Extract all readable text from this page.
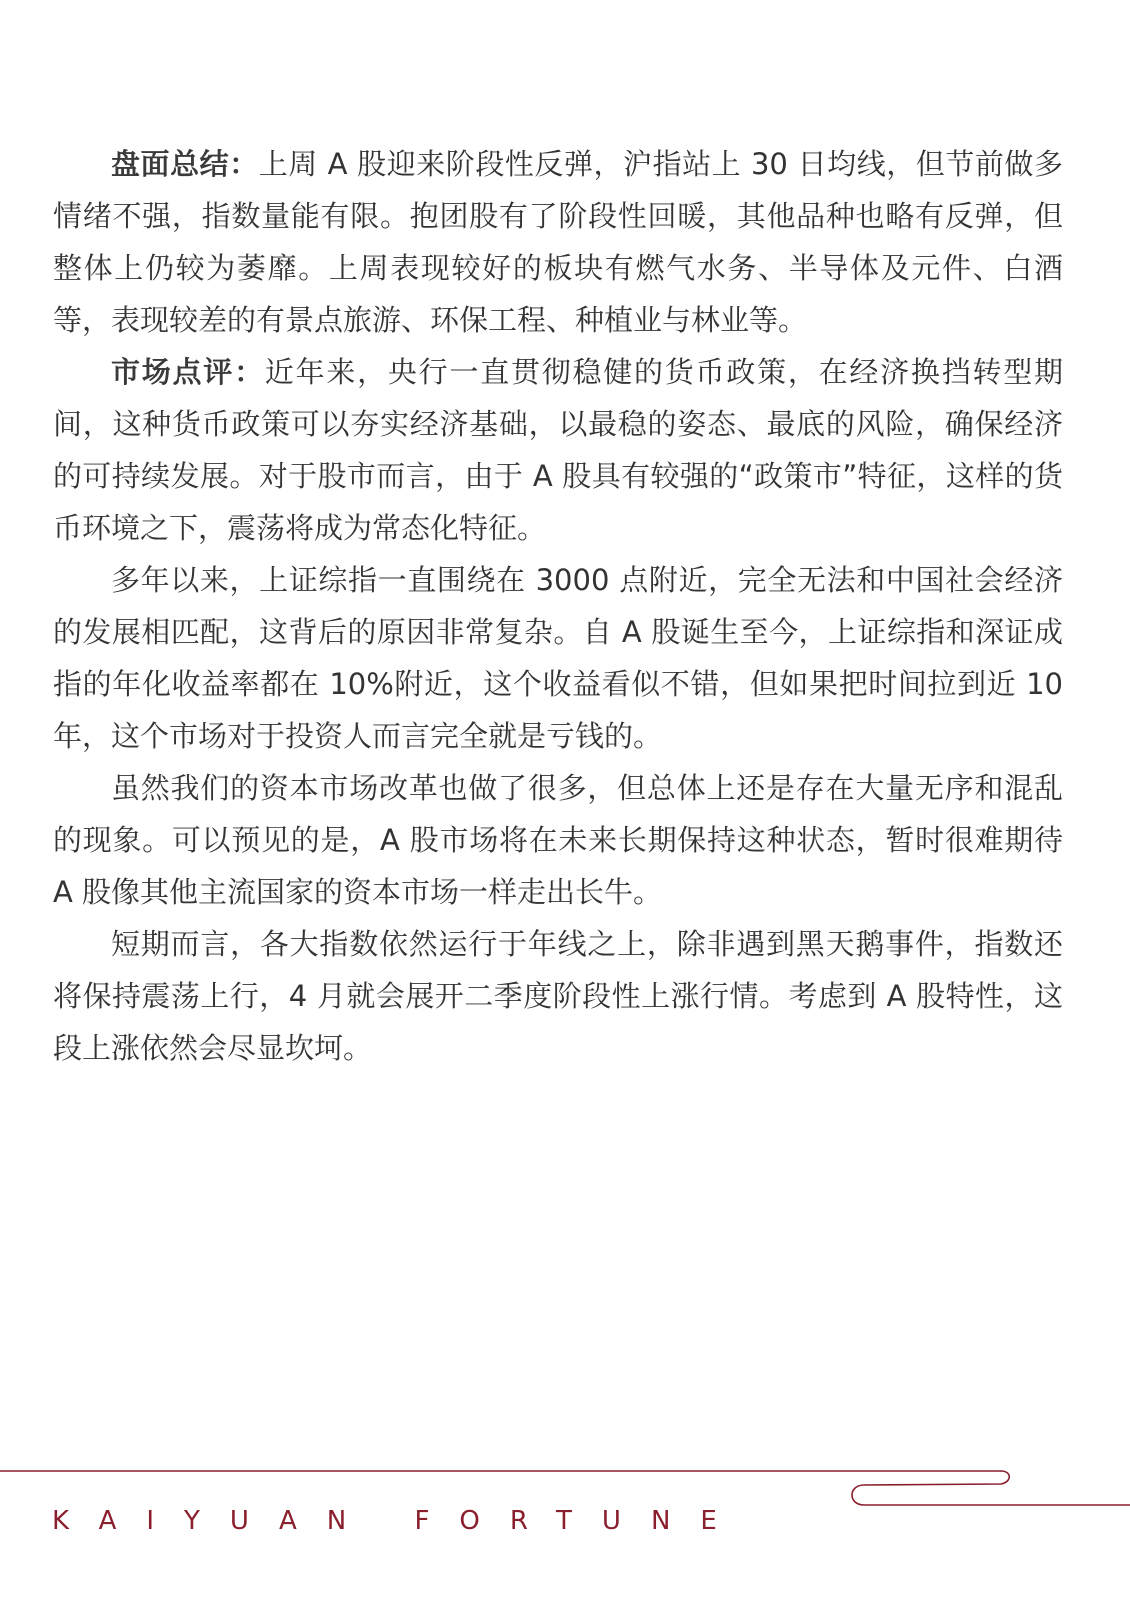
盘面总结：上周 A 股迎来阶段性反弹，沪指站上 30 日均线，但节前做多情绪不强，指数量能有限。抱团股有了阶段性回暖，其他品种也略有反弹，但整体上仍较为萎靡。上周表现较好的板块有燃气水务、半导体及元件、白酒等，表现较差的有景点旅游、环保工程、种植业与林业等。

市场点评：近年来，央行一直贯彻稳健的货币政策，在经济换挡转型期间，这种货币政策可以夯实经济基础，以最稳的姿态、最底的风险，确保经济的可持续发展。对于股市而言，由于 A 股具有较强的“政策市”特征，这样的货币环境之下，震荡将成为常态化特征。

多年以来，上证综指一直围绕在 3000 点附近，完全无法和中国社会经济的发展相匹配，这背后的原因非常复杂。自 A 股诞生至今，上证综指和深证成指的年化收益率都在 10%附近，这个收益看似不错，但如果把时间拉到近 10 年，这个市场对于投资人而言完全就是亏钱的。

虽然我们的资本市场改革也做了很多，但总体上还是存在大量无序和混乱的现象。可以预见的是，A 股市场将在未来长期保持这种状态，暂时很难期待 A 股像其他主流国家的资本市场一样走出长牛。

短期而言，各大指数依然运行于年线之上，除非遇到黑天鹅事件，指数还将保持震荡上行，4 月就会展开二季度阶段性上涨行情。考虑到 A 股特性，这段上涨依然会尽显坎坷。

KAIYUAN FORTUNE
